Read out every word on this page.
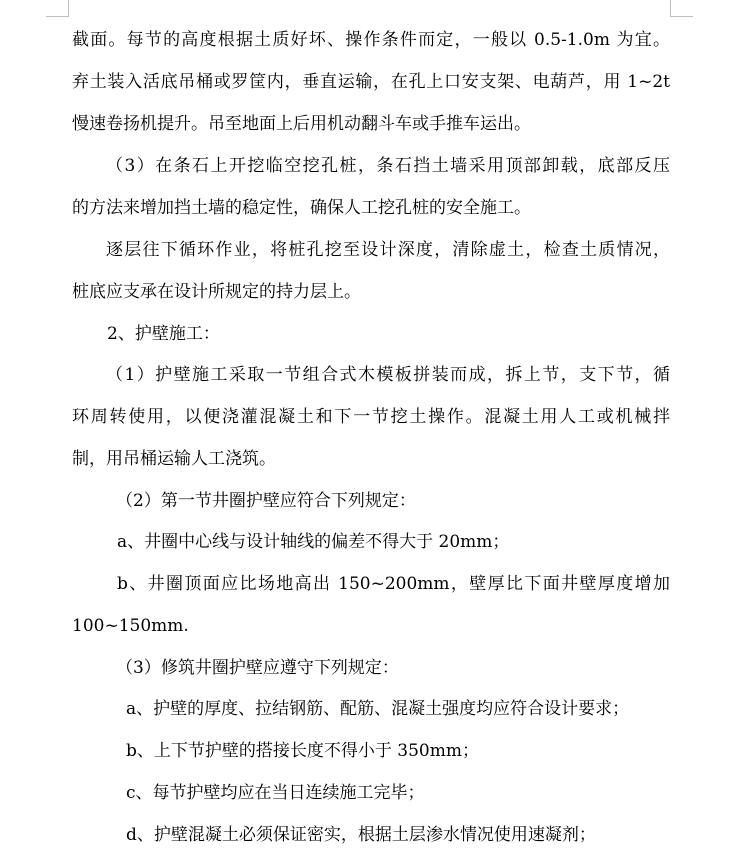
截面。每节的高度根据土质好坏、操作条件而定，一般以 0.5-1.0m 为宜。
弃土装入活底吊桶或罗筐内，垂直运输，在孔上口安支架、电葫芦，用 1~2t
慢速卷扬机提升。吊至地面上后用机动翻斗车或手推车运出。
（3）在条石上开挖临空挖孔桩，条石挡土墙采用顶部卸载，底部反压
的方法来增加挡土墙的稳定性，确保人工挖孔桩的安全施工。
逐层往下循环作业，将桩孔挖至设计深度，清除虚土，检查土质情况，
桩底应支承在设计所规定的持力层上。
2、护壁施工：
（1）护壁施工采取一节组合式木模板拼装而成，拆上节，支下节，循
环周转使用，以便浇灌混凝土和下一节挖土操作。混凝土用人工或机械拌
制，用吊桶运输人工浇筑。
（2）第一节井圈护壁应符合下列规定：
a、井圈中心线与设计轴线的偏差不得大于 20mm；
b、井圈顶面应比场地高出 150~200mm，壁厚比下面井壁厚度增加
100~150mm.
（3）修筑井圈护壁应遵守下列规定：
a、护壁的厚度、拉结钢筋、配筋、混凝土强度均应符合设计要求；
b、上下节护壁的搭接长度不得小于 350mm；
c、每节护壁均应在当日连续施工完毕；
d、护壁混凝土必须保证密实，根据土层渗水情况使用速凝剂；
